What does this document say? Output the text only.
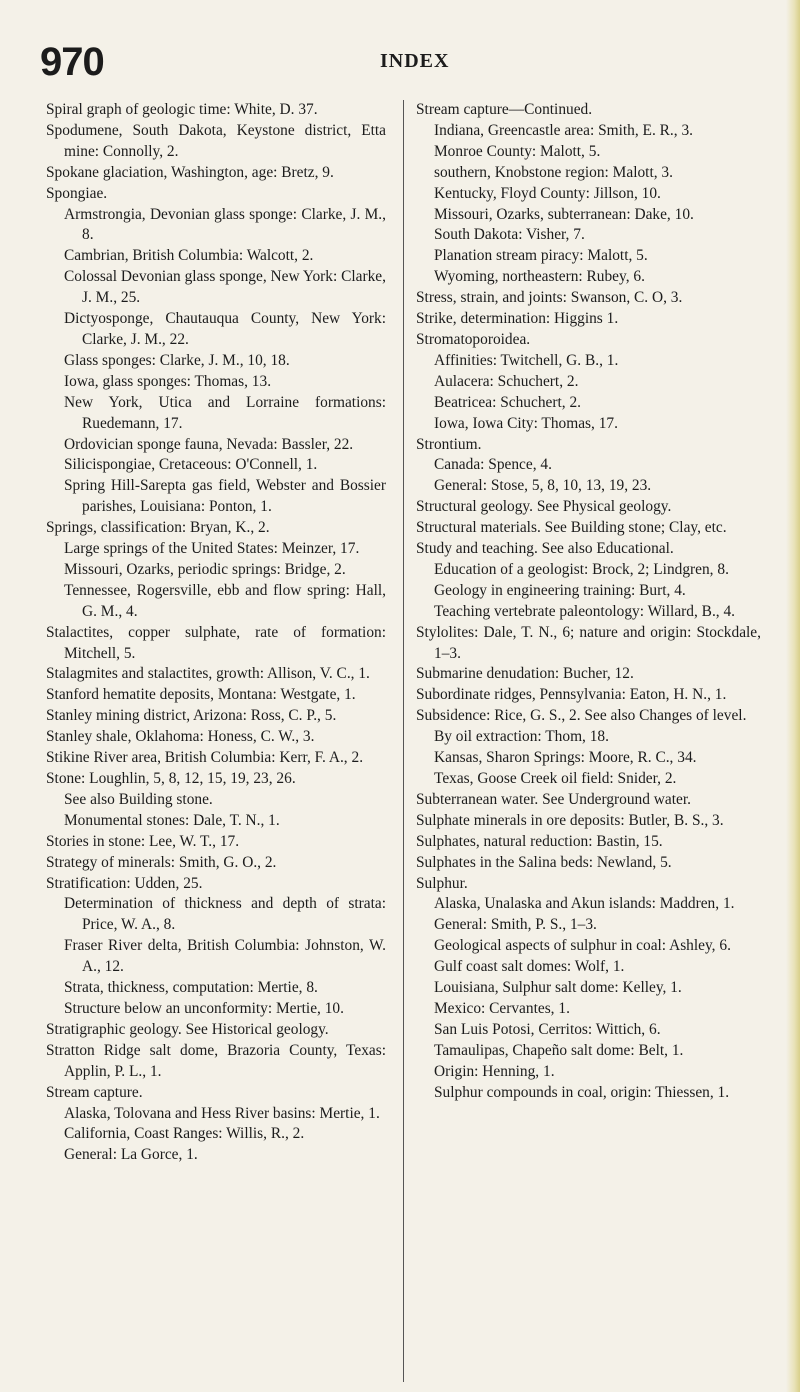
970	INDEX
Spiral graph of geologic time: White, D. 37.
Spodumene, South Dakota, Keystone district, Etta mine: Connolly, 2.
Spokane glaciation, Washington, age: Bretz, 9.
Spongiae.
Armstrongia, Devonian glass sponge: Clarke, J. M., 8.
Cambrian, British Columbia: Walcott, 2.
Colossal Devonian glass sponge, New York: Clarke, J. M., 25.
Dictyosponge, Chautauqua County, New York: Clarke, J. M., 22.
Glass sponges: Clarke, J. M., 10, 18.
Iowa, glass sponges: Thomas, 13.
New York, Utica and Lorraine formations: Ruedemann, 17.
Ordovician sponge fauna, Nevada: Bassler, 22.
Silicispongiae, Cretaceous: O'Connell, 1.
Spring Hill-Sarepta gas field, Webster and Bossier parishes, Louisiana: Ponton, 1.
Springs, classification: Bryan, K., 2.
Large springs of the United States: Meinzer, 17.
Missouri, Ozarks, periodic springs: Bridge, 2.
Tennessee, Rogersville, ebb and flow spring: Hall, G. M., 4.
Stalactites, copper sulphate, rate of formation: Mitchell, 5.
Stalagmites and stalactites, growth: Allison, V. C., 1.
Stanford hematite deposits, Montana: Westgate, 1.
Stanley mining district, Arizona: Ross, C. P., 5.
Stanley shale, Oklahoma: Honess, C. W., 3.
Stikine River area, British Columbia: Kerr, F. A., 2.
Stone: Loughlin, 5, 8, 12, 15, 19, 23, 26.
See also Building stone.
Monumental stones: Dale, T. N., 1.
Stories in stone: Lee, W. T., 17.
Strategy of minerals: Smith, G. O., 2.
Stratification: Udden, 25.
Determination of thickness and depth of strata: Price, W. A., 8.
Fraser River delta, British Columbia: Johnston, W. A., 12.
Strata, thickness, computation: Mertie, 8.
Structure below an unconformity: Mertie, 10.
Stratigraphic geology. See Historical geology.
Stratton Ridge salt dome, Brazoria County, Texas: Applin, P. L., 1.
Stream capture.
Alaska, Tolovana and Hess River basins: Mertie, 1.
California, Coast Ranges: Willis, R., 2.
General: La Gorce, 1.
Stream capture—Continued.
Indiana, Greencastle area: Smith, E. R., 3.
Monroe County: Malott, 5.
southern, Knobstone region: Malott, 3.
Kentucky, Floyd County: Jillson, 10.
Missouri, Ozarks, subterranean: Dake, 10.
South Dakota: Visher, 7.
Planation stream piracy: Malott, 5.
Wyoming, northeastern: Rubey, 6.
Stress, strain, and joints: Swanson, C. O, 3.
Strike, determination: Higgins 1.
Stromatoporoidea.
Affinities: Twitchell, G. B., 1.
Aulacera: Schuchert, 2.
Beatricea: Schuchert, 2.
Iowa, Iowa City: Thomas, 17.
Strontium.
Canada: Spence, 4.
General: Stose, 5, 8, 10, 13, 19, 23.
Structural geology. See Physical geology.
Structural materials. See Building stone; Clay, etc.
Study and teaching. See also Educational.
Education of a geologist: Brock, 2; Lindgren, 8.
Geology in engineering training: Burt, 4.
Teaching vertebrate paleontology: Willard, B., 4.
Stylolites: Dale, T. N., 6; nature and origin: Stockdale, 1–3.
Submarine denudation: Bucher, 12.
Subordinate ridges, Pennsylvania: Eaton, H. N., 1.
Subsidence: Rice, G. S., 2. See also Changes of level.
By oil extraction: Thom, 18.
Kansas, Sharon Springs: Moore, R. C., 34.
Texas, Goose Creek oil field: Snider, 2.
Subterranean water. See Underground water.
Sulphate minerals in ore deposits: Butler, B. S., 3.
Sulphates, natural reduction: Bastin, 15.
Sulphates in the Salina beds: Newland, 5.
Sulphur.
Alaska, Unalaska and Akun islands: Maddren, 1.
General: Smith, P. S., 1–3.
Geological aspects of sulphur in coal: Ashley, 6.
Gulf coast salt domes: Wolf, 1.
Louisiana, Sulphur salt dome: Kelley, 1.
Mexico: Cervantes, 1.
San Luis Potosi, Cerritos: Wittich, 6.
Tamaulipas, Chapeño salt dome: Belt, 1.
Origin: Henning, 1.
Sulphur compounds in coal, origin: Thiessen, 1.
